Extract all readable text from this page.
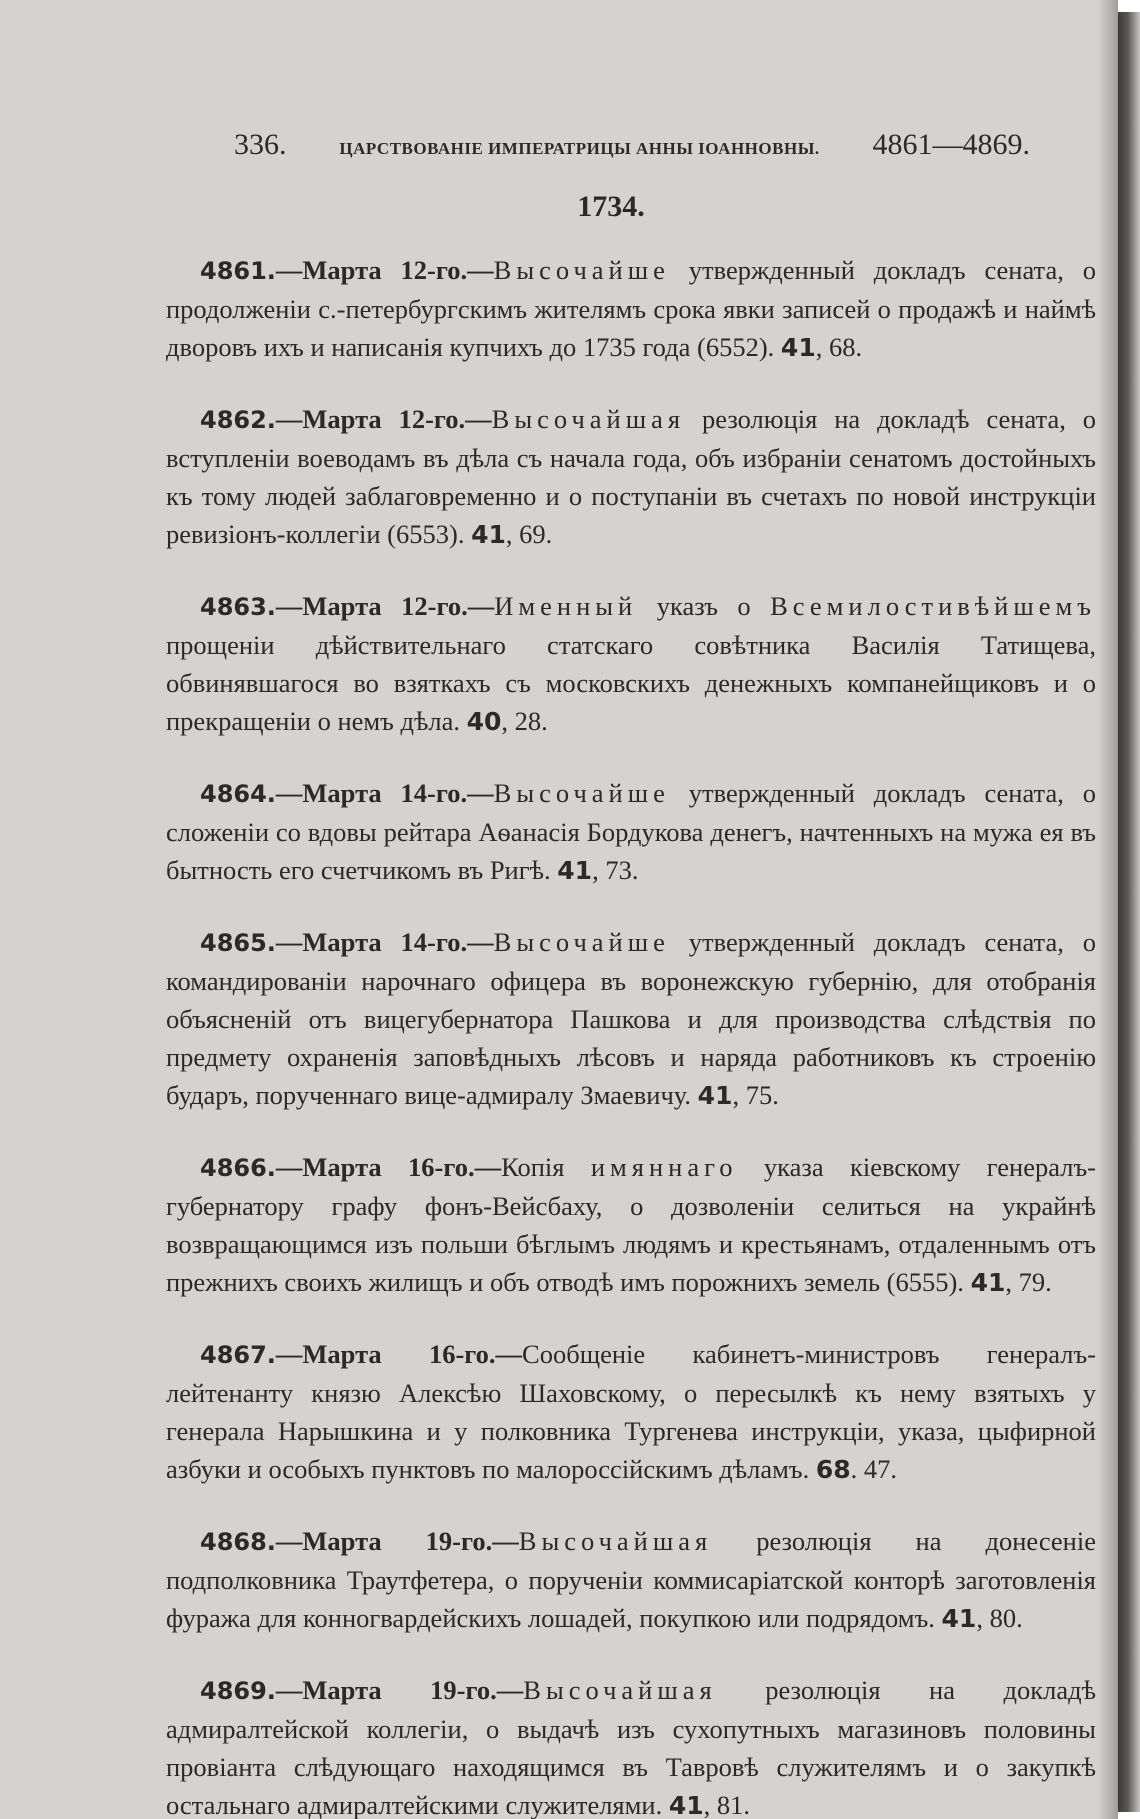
336.	ЦАРСТВОВАНІЕ ИМПЕРАТРИЦЫ АННЫ ІОАННОВНЫ. 4861—4869.
1734.

4861.—Марта 12-го.—Высочайше утвержденный докладъ сената, о продолженіи с.-петербургскимъ жителямъ срока явки записей о продажѣ и наймѣ дворовъ ихъ и написанія купчихъ до 1735 года (6552). 41, 68.

4862.—Марта 12-го.—Высочайшая резолюція на докладѣ сената, о вступленіи воеводамъ въ дѣла съ начала года, объ избраніи сенатомъ достойныхъ къ тому людей заблаговременно и о поступаніи въ счетахъ по новой инструкціи ревизіонъ-коллегіи (6553). 41, 69.

4863.—Марта 12-го.—Именный указъ о Всемилостивѣйшемъ прощеніи дѣйствительнаго статскаго совѣтника Василія Татищева, обвинявшагося во взяткахъ съ московскихъ денежныхъ компанейщиковъ и о прекращеніи о немъ дѣла. 40, 28.

4864.—Марта 14-го.—Высочайше утвержденный докладъ сената, о сложеніи со вдовы рейтара Аѳанасія Бордукова денегъ, начтенныхъ на мужа ея въ бытность его счетчикомъ въ Ригѣ. 41, 73.

4865.—Марта 14-го.—Высочайше утвержденный докладъ сената, о командированіи нарочнаго офицера въ воронежскую губернію, для отобранія объясненій отъ вицегубернатора Пашкова и для производства слѣдствія по предмету охраненія заповѣдныхъ лѣсовъ и наряда работниковъ къ строенію бударъ, порученнаго вице-адмиралу Змаевичу. 41, 75.

4866.—Марта 16-го.—Копія имяннаго указа кіевскому генералъ-губернатору графу фонъ-Вейсбаху, о дозволеніи селиться на украйнѣ возвращающимся изъ польши бѣглымъ людямъ и крестьянамъ, отдаленнымъ отъ прежнихъ своихъ жилищъ и объ отводѣ имъ порожнихъ земель (6555). 41, 79.

4867.—Марта 16-го.—Сообщеніе кабинетъ-министровъ генералъ-лейтенанту князю Алексѣю Шаховскому, о пересылкѣ къ нему взятыхъ у генерала Нарышкина и у полковника Тургенева инструкціи, указа, цыфирной азбуки и особыхъ пунктовъ по малороссійскимъ дѣламъ. 68. 47.

4868.—Марта 19-го.—Высочайшая резолюція на донесеніе подполковника Траутфетера, о порученіи коммисаріатской конторѣ заготовленія фуража для конногвардейскихъ лошадей, покупкою или подрядомъ. 41, 80.

4869.—Марта 19-го.—Высочайшая резолюція на докладѣ адмиралтейской коллегіи, о выдачѣ изъ сухопутныхъ магазиновъ половины провіанта слѣдующаго находящимся въ Тавровѣ служителямъ и о закупкѣ остальнаго адмиралтейскими служителями. 41, 81.
